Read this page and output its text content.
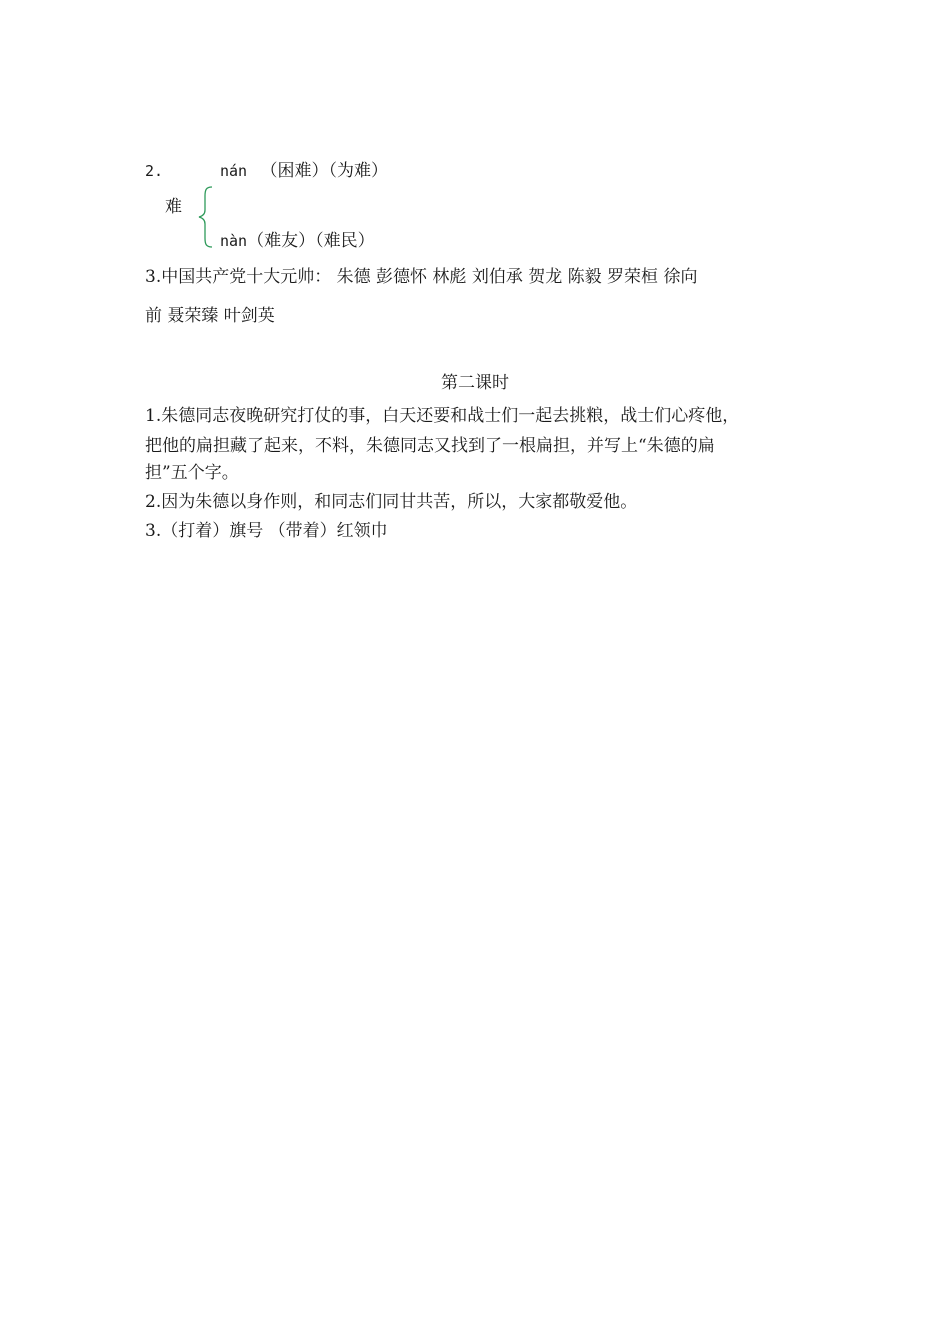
2.	nán （困难）（为难）
难
nàn（难友）（难民）
3.中国共产党十大元帅： 朱德 彭德怀 林彪 刘伯承 贺龙 陈毅 罗荣桓 徐向
前 聂荣臻 叶剑英
第二课时
1.朱德同志夜晚研究打仗的事，白天还要和战士们一起去挑粮，战士们心疼他，
把他的扁担藏了起来，不料，朱德同志又找到了一根扁担，并写上“朱德的扁
担”五个字。
2.因为朱德以身作则，和同志们同甘共苦，所以，大家都敬爱他。
3.（打着）旗号 （带着）红领巾
